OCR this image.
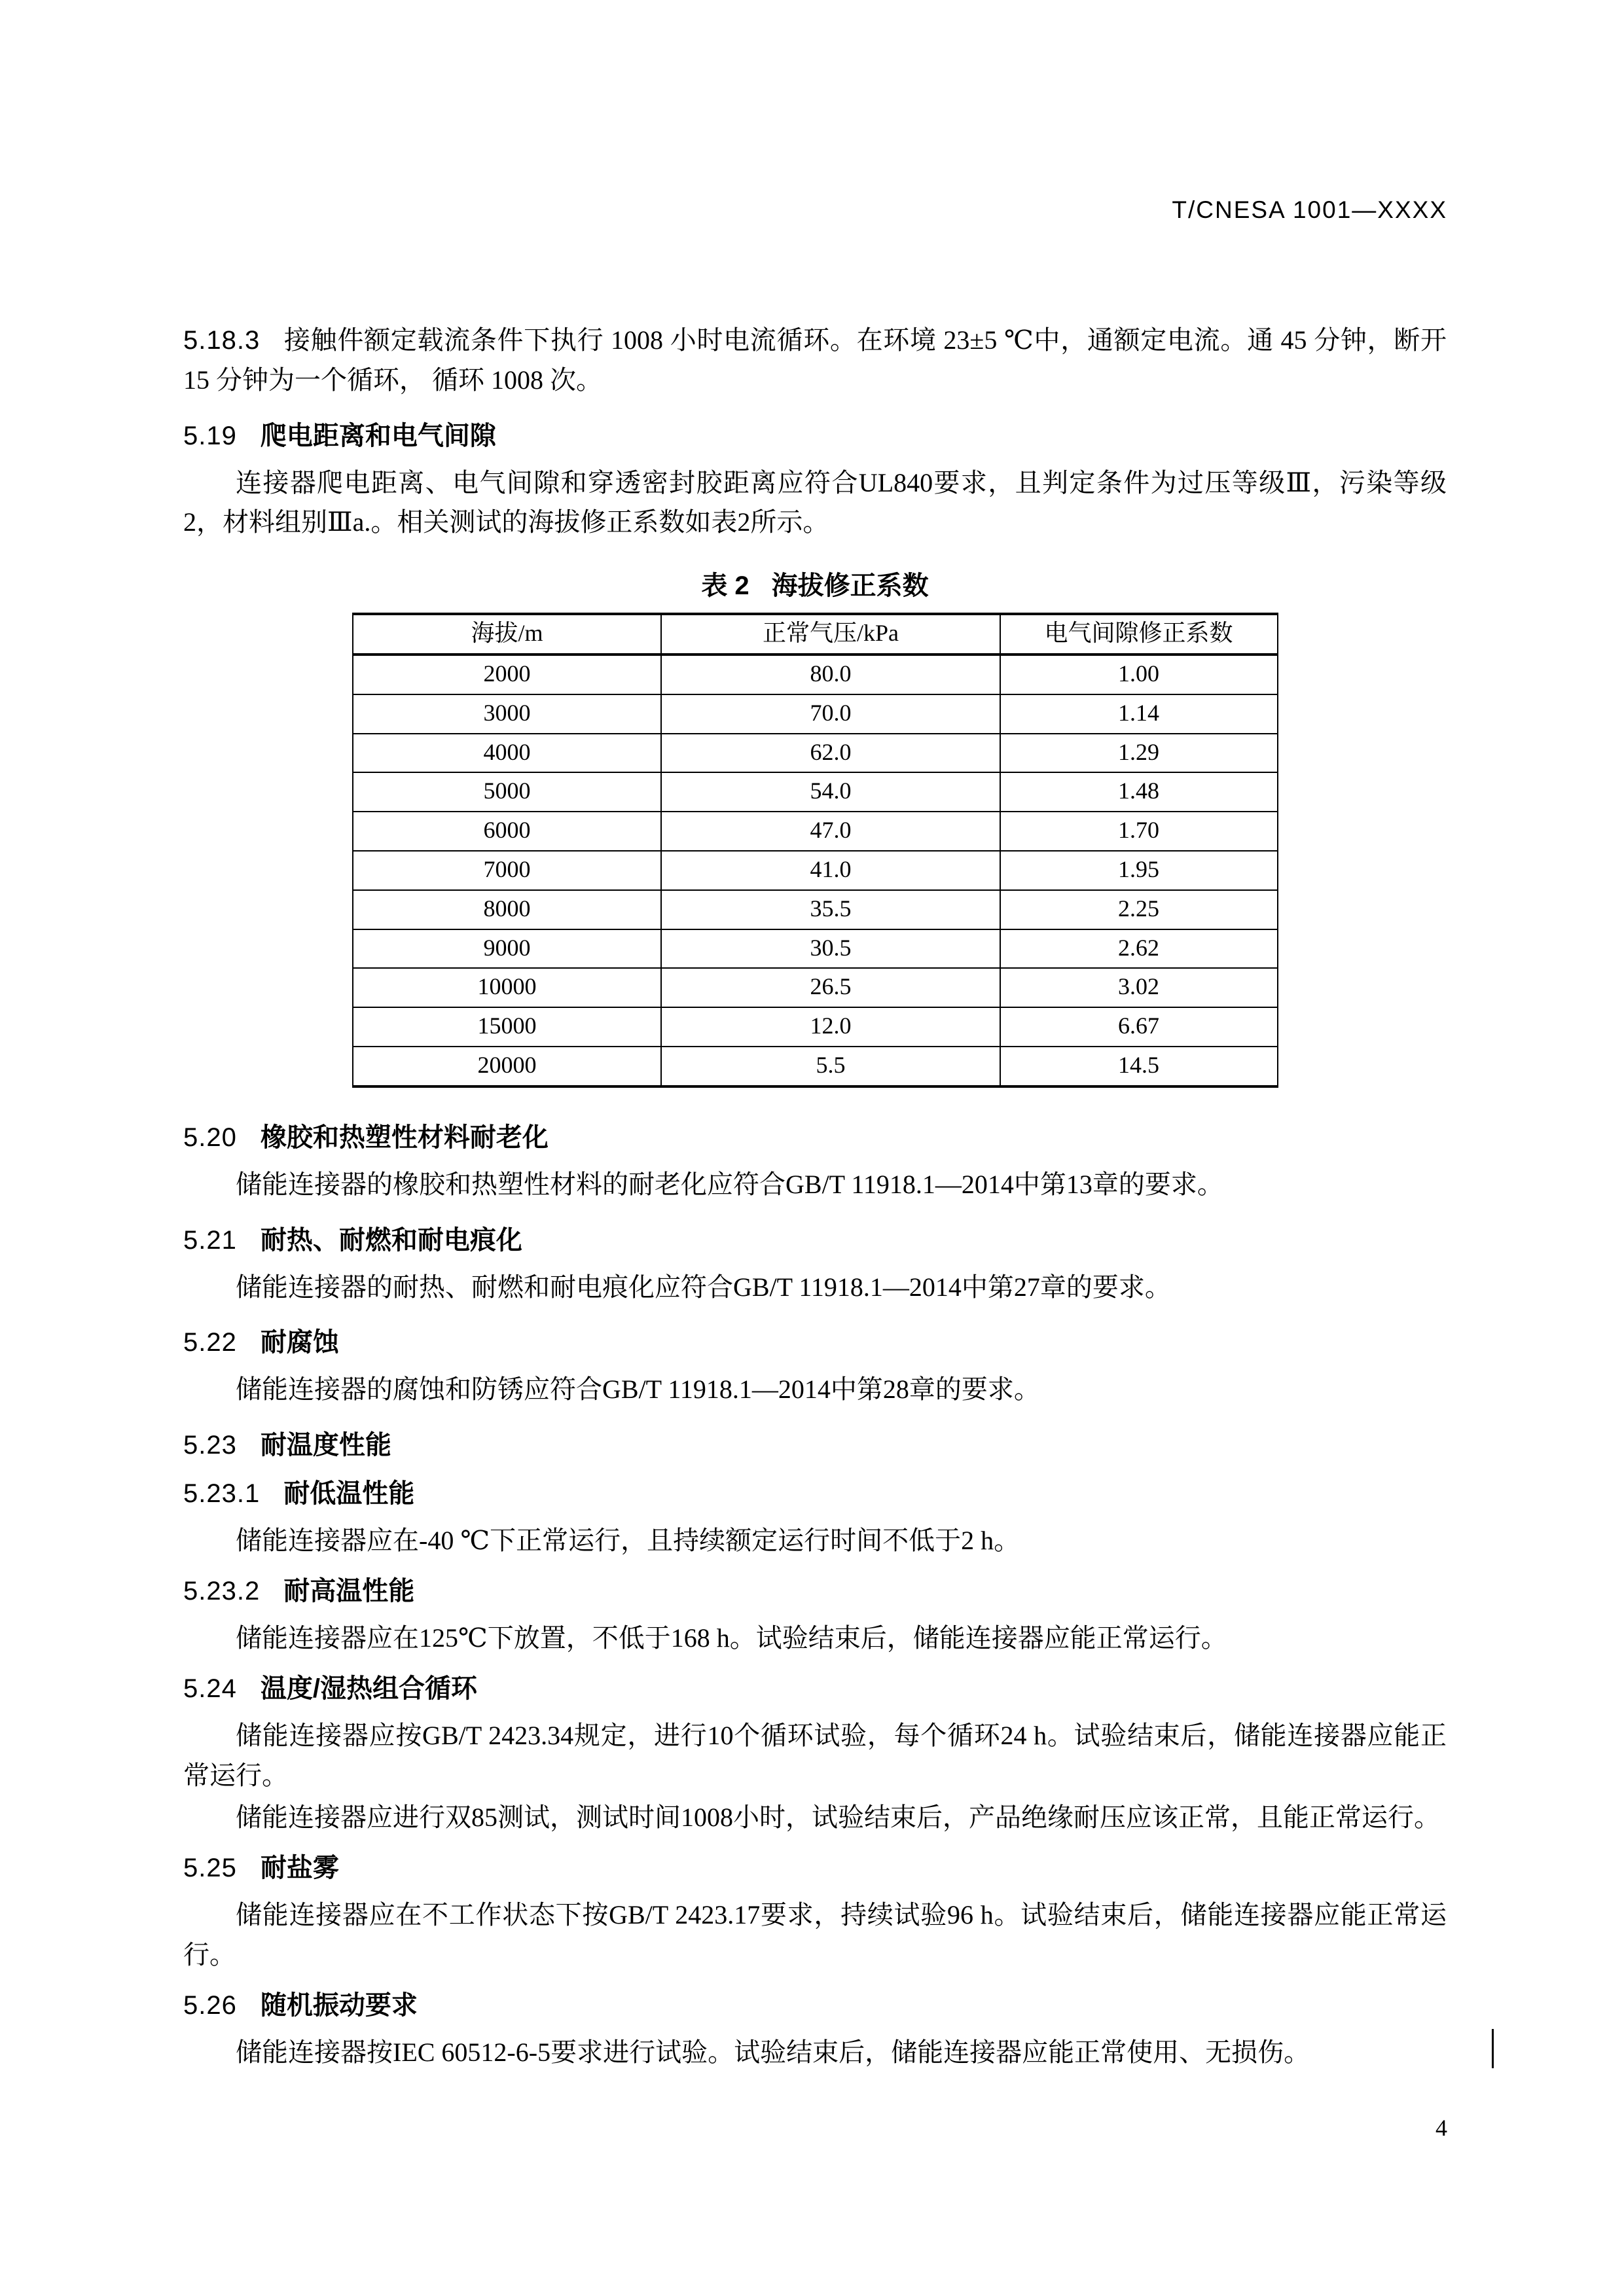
T/CNESA 1001—XXXX

5.18.3 接触件额定载流条件下执行 1008 小时电流循环。在环境 23±5 ℃中，通额定电流。通 45 分钟，断开 15 分钟为一个循环， 循环 1008 次。

5.19 爬电距离和电气间隙

连接器爬电距离、电气间隙和穿透密封胶距离应符合UL840要求，且判定条件为过压等级Ⅲ，污染等级2，材料组别Ⅲa.。相关测试的海拔修正系数如表2所示。

表 2 海拔修正系数
海拔/m	正常气压/kPa	电气间隙修正系数
2000	80.0	1.00
3000	70.0	1.14
4000	62.0	1.29
5000	54.0	1.48
6000	47.0	1.70
7000	41.0	1.95
8000	35.5	2.25
9000	30.5	2.62
10000	26.5	3.02
15000	12.0	6.67
20000	5.5	14.5
5.20 橡胶和热塑性材料耐老化

储能连接器的橡胶和热塑性材料的耐老化应符合GB/T 11918.1—2014中第13章的要求。

5.21 耐热、耐燃和耐电痕化

储能连接器的耐热、耐燃和耐电痕化应符合GB/T 11918.1—2014中第27章的要求。

5.22 耐腐蚀

储能连接器的腐蚀和防锈应符合GB/T 11918.1—2014中第28章的要求。

5.23 耐温度性能
5.23.1 耐低温性能

储能连接器应在-40 ℃下正常运行，且持续额定运行时间不低于2 h。

5.23.2 耐高温性能

储能连接器应在125℃下放置，不低于168 h。试验结束后，储能连接器应能正常运行。

5.24 温度/湿热组合循环

储能连接器应按GB/T 2423.34规定，进行10个循环试验，每个循环24 h。试验结束后，储能连接器应能正常运行。

储能连接器应进行双85测试，测试时间1008小时，试验结束后，产品绝缘耐压应该正常，且能正常运行。

5.25 耐盐雾

储能连接器应在不工作状态下按GB/T 2423.17要求，持续试验96 h。试验结束后，储能连接器应能正常运行。

5.26 随机振动要求

储能连接器按IEC 60512-6-5要求进行试验。试验结束后，储能连接器应能正常使用、无损伤。

4
